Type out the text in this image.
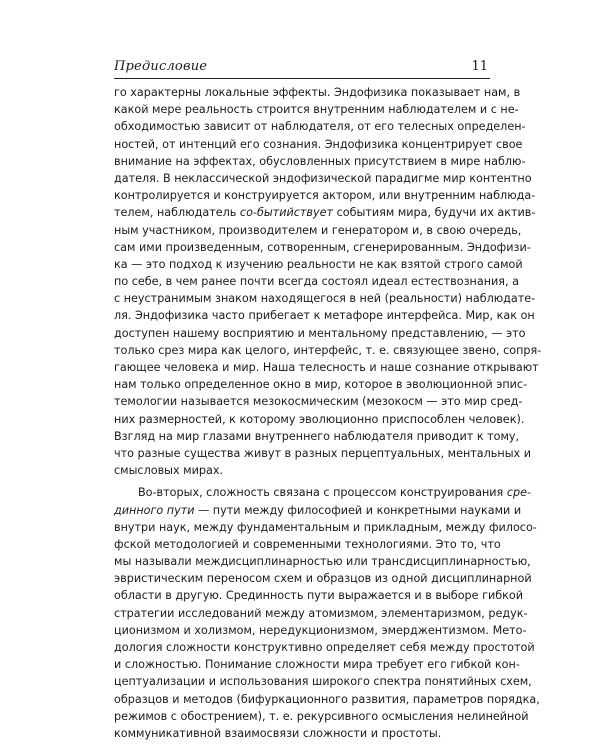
Предисловие	11
го характерны локальные эффекты. Эндофизика показывает нам, в
какой мере реальность строится внутренним наблюдателем и с не-
обходимостью зависит от наблюдателя, от его телесных определен-
ностей, от интенций его сознания. Эндофизика концентрирует свое
внимание на эффектах, обусловленных присутствием в мире наблю-
дателя. В неклассической эндофизической парадигме мир контентно
контролируется и конструируется актором, или внутренним наблюда-
телем, наблюдатель со-бытийствует событиям мира, будучи их актив-
ным участником, производителем и генератором и, в свою очередь,
сам ими произведенным, сотворенным, сгенерированным. Эндофизи-
ка — это подход к изучению реальности не как взятой строго самой
по себе, в чем ранее почти всегда состоял идеал естествознания, а
с неустранимым знаком находящегося в ней (реальности) наблюдате-
ля. Эндофизика часто прибегает к метафоре интерфейса. Мир, как он
доступен нашему восприятию и ментальному представлению, — это
только срез мира как целого, интерфейс, т. е. связующее звено, сопря-
гающее человека и мир. Наша телесность и наше сознание открывают
нам только определенное окно в мир, которое в эволюционной эпис-
темологии называется мезокосмическим (мезокосм — это мир сред-
них размерностей, к которому эволюционно приспособлен человек).
Взгляд на мир глазами внутреннего наблюдателя приводит к тому,
что разные существа живут в разных перцептуальных, ментальных и
смысловых мирах.
Во-вторых, сложность связана с процессом конструирования сре-
динного пути — пути между философией и конкретными науками и
внутри наук, между фундаментальным и прикладным, между филосо-
фской методологией и современными технологиями. Это то, что
мы называли междисциплинарностью или трансдисциплинарностью,
эвристическим переносом схем и образцов из одной дисциплинарной
области в другую. Срединность пути выражается и в выборе гибкой
стратегии исследований между атомизмом, элементаризмом, редук-
ционизмом и холизмом, нередукционизмом, эмерджентизмом. Мето-
дология сложности конструктивно определяет себя между простотой
и сложностью. Понимание сложности мира требует его гибкой кон-
цептуализации и использования широкого спектра понятийных схем,
образцов и методов (бифуркационного развития, параметров порядка,
режимов с обострением), т. е. рекурсивного осмысления нелинейной
коммуникативной взаимосвязи сложности и простоты.
